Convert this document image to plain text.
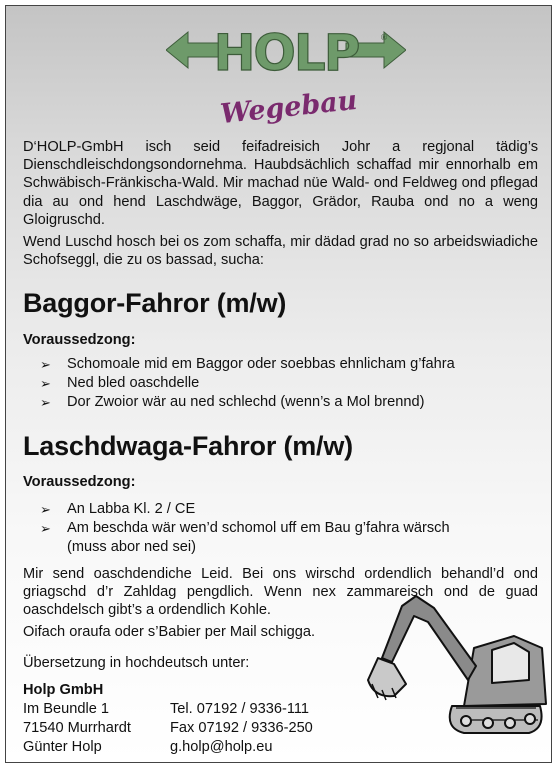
HOLP	®
Wegebau

D‘HOLP-GmbH isch seid feifadreisich Johr a regjonal tädig’s Dienschdleischdongsondornehma. Haubdsächlich schaffad mir ennorhalb em Schwäbisch-Fränkischa-Wald. Mir machad nüe Wald- ond Feldweg ond pflegad dia au ond hend Laschdwäge, Baggor, Grädor, Rauba ond no a weng Gloigruschd.

Wend Luschd hosch bei os zom schaffa, mir dädad grad no so arbeidswiadiche Schofseggl, die zu os bassad, sucha:

Baggor-Fahror (m/w)
Voraussedzong:
➢ Schomoale mid em Baggor oder soebbas ehnlicham g’fahra
➢ Ned bled oaschdelle
➢ Dor Zwoior wär au ned schlechd (wenn’s a Mol brennd)
Laschdwaga-Fahror (m/w)
Voraussedzong:
➢ An Labba Kl. 2 / CE
➢ Am beschda wär wen’d schomol uff em Bau g’fahra wärsch (muss abor ned sei)

Mir send oaschdendiche Leid. Bei ons wirschd ordendlich behandl’d ond griagschd d’r Zahldag pengdlich. Wenn nex zammareisch ond de guad oaschdelsch gibt’s a ordendlich Kohle.

Oifach oraufa oder s’Babier per Mail schigga.

Übersetzung in hochdeutsch unter:
Holp GmbH
Im Beundle 1
71540 Murrhardt
Günter Holp
Tel. 07192 / 9336-111
Fax 07192 / 9336-250
g.holp@holp.eu
